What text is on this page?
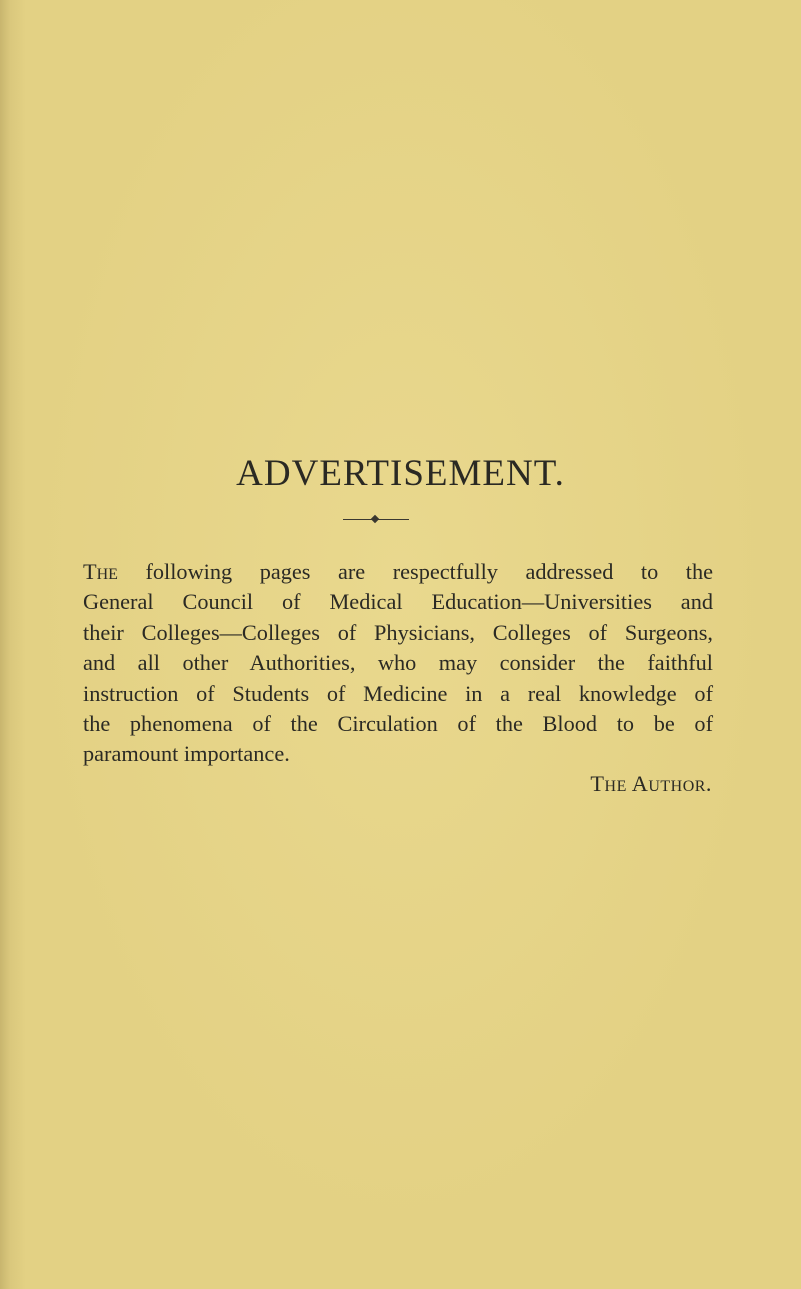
ADVERTISEMENT.
The following pages are respectfully addressed to the
General Council of Medical Education—Universities and
their Colleges—Colleges of Physicians, Colleges of Surgeons,
and all other Authorities, who may consider the faithful
instruction of Students of Medicine in a real knowledge of
the phenomena of the Circulation of the Blood to be of
paramount importance.
The Author.
